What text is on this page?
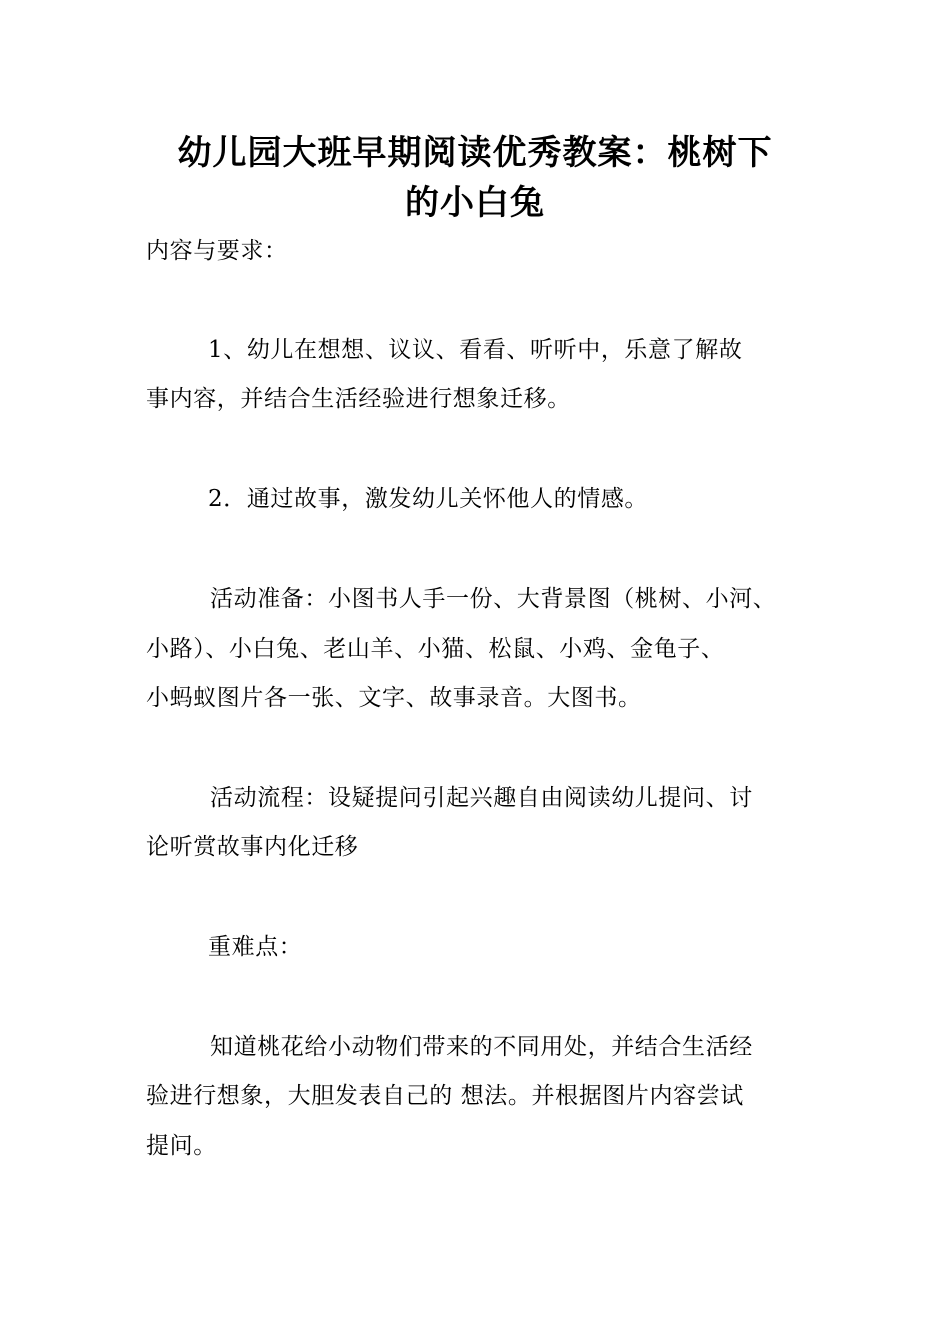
幼儿园大班早期阅读优秀教案：桃树下
的小白兔

内容与要求：

1、幼儿在想想、议议、看看、听听中，乐意了解故

事内容，并结合生活经验进行想象迁移。

2．通过故事，激发幼儿关怀他人的情感。

活动准备：小图书人手一份、大背景图（桃树、小河、

小路）、小白兔、老山羊、小猫、松鼠、小鸡、金龟子、

小蚂蚁图片各一张、文字、故事录音。大图书。

活动流程：设疑提问引起兴趣自由阅读幼儿提问、讨

论听赏故事内化迁移

重难点：

知道桃花给小动物们带来的不同用处，并结合生活经

验进行想象，大胆发表自己的 想法。并根据图片内容尝试

提问。
